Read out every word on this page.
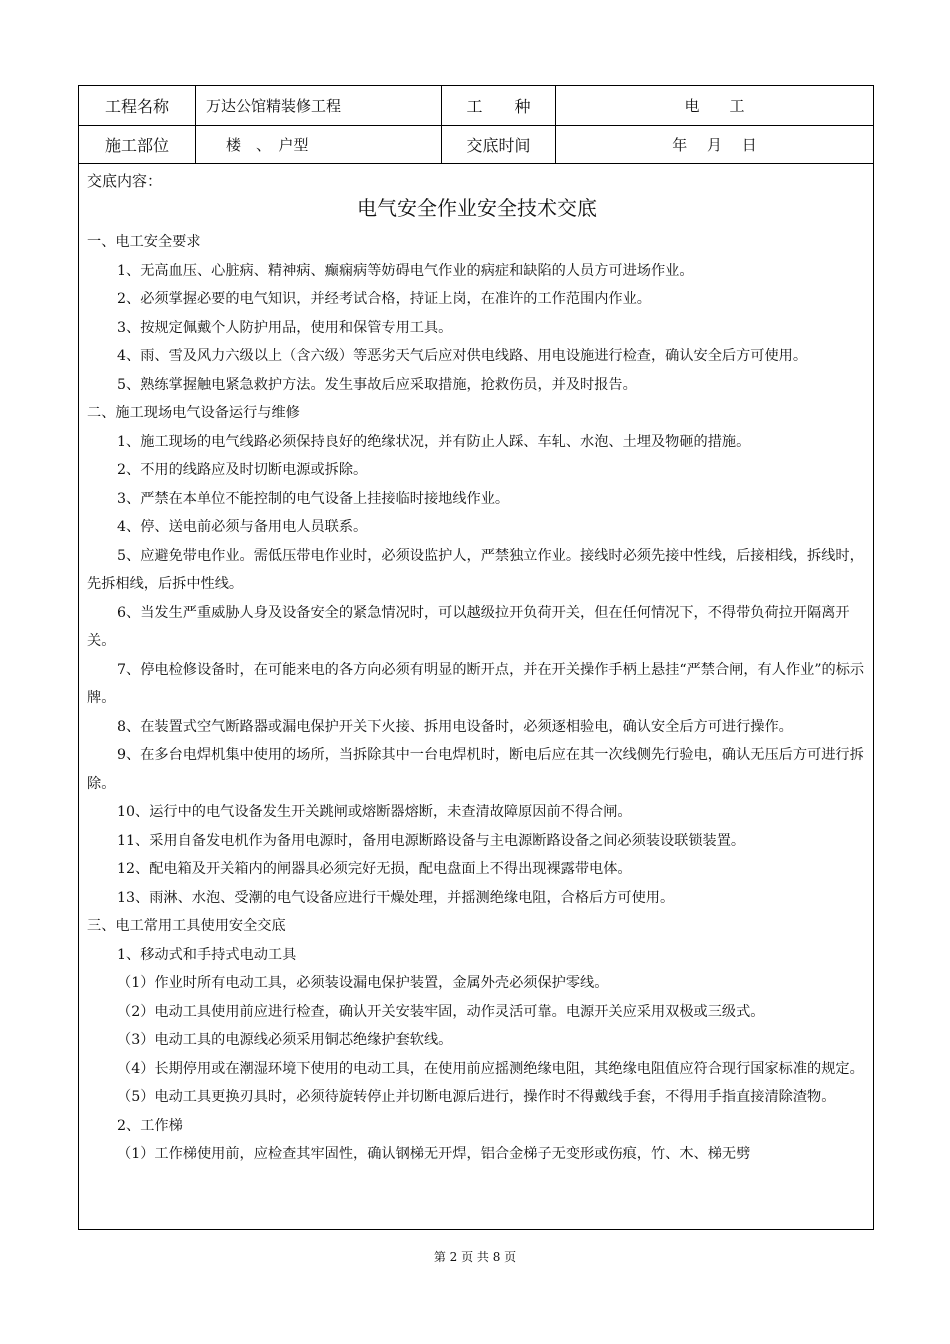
工程名称	万达公馆精装修工程	工　　种	电　　工
施工部位	楼　、　户型	交底时间	年　 月　 日
交底内容：
电气安全作业安全技术交底

一、电工安全要求

1、无高血压、心脏病、精神病、癫痫病等妨碍电气作业的病症和缺陷的人员方可进场作业。

2、必须掌握必要的电气知识，并经考试合格，持证上岗，在准许的工作范围内作业。

3、按规定佩戴个人防护用品，使用和保管专用工具。

4、雨、雪及风力六级以上（含六级）等恶劣天气后应对供电线路、用电设施进行检查，确认安全后方可使用。

5、熟练掌握触电紧急救护方法。发生事故后应采取措施，抢救伤员，并及时报告。

二、施工现场电气设备运行与维修

1、施工现场的电气线路必须保持良好的绝缘状况，并有防止人踩、车轧、水泡、土埋及物砸的措施。

2、不用的线路应及时切断电源或拆除。

3、严禁在本单位不能控制的电气设备上挂接临时接地线作业。

4、停、送电前必须与备用电人员联系。

5、应避免带电作业。需低压带电作业时，必须设监护人，严禁独立作业。接线时必须先接中性线，后接相线，拆线时，先拆相线，后拆中性线。

6、当发生严重威胁人身及设备安全的紧急情况时，可以越级拉开负荷开关，但在任何情况下，不得带负荷拉开隔离开关。

7、停电检修设备时，在可能来电的各方向必须有明显的断开点，并在开关操作手柄上悬挂“严禁合闸，有人作业”的标示牌。

8、在装置式空气断路器或漏电保护开关下火接、拆用电设备时，必须逐相验电，确认安全后方可进行操作。

9、在多台电焊机集中使用的场所，当拆除其中一台电焊机时，断电后应在其一次线侧先行验电，确认无压后方可进行拆除。

10、运行中的电气设备发生开关跳闸或熔断器熔断，未查清故障原因前不得合闸。

11、采用自备发电机作为备用电源时，备用电源断路设备与主电源断路设备之间必须装设联锁装置。

12、配电箱及开关箱内的闸器具必须完好无损，配电盘面上不得出现裸露带电体。

13、雨淋、水泡、受潮的电气设备应进行干燥处理，并摇测绝缘电阻，合格后方可使用。

三、电工常用工具使用安全交底

1、移动式和手持式电动工具

（1）作业时所有电动工具，必须装设漏电保护装置，金属外壳必须保护零线。

（2）电动工具使用前应进行检查，确认开关安装牢固，动作灵活可靠。电源开关应采用双极或三级式。

（3）电动工具的电源线必须采用铜芯绝缘护套软线。

（4）长期停用或在潮湿环境下使用的电动工具，在使用前应摇测绝缘电阻，其绝缘电阻值应符合现行国家标准的规定。

（5）电动工具更换刃具时，必须待旋转停止并切断电源后进行，操作时不得戴线手套，不得用手指直接清除渣物。

2、工作梯

（1）工作梯使用前，应检查其牢固性，确认钢梯无开焊，铝合金梯子无变形或伤痕，竹、木、梯无劈

第 2 页 共 8 页
